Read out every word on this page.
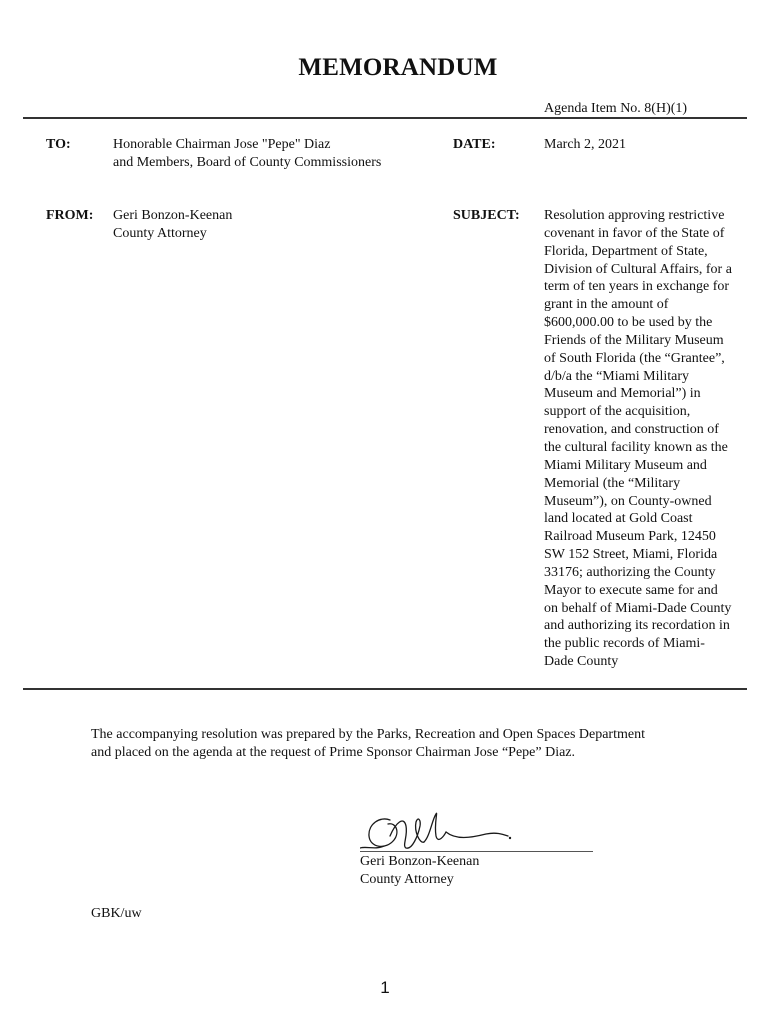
MEMORANDUM
Agenda Item No. 8(H)(1)
TO:	Honorable Chairman Jose "Pepe" Diaz
and Members, Board of County Commissioners
DATE:	March 2, 2021
FROM: Geri Bonzon-Keenan
County Attorney
SUBJECT: Resolution approving restrictive
covenant in favor of the State of
Florida, Department of State,
Division of Cultural Affairs, for a
term of ten years in exchange for
grant in the amount of
$600,000.00 to be used by the
Friends of the Military Museum
of South Florida (the “Grantee”,
d/b/a the “Miami Military
Museum and Memorial”) in
support of the acquisition,
renovation, and construction of
the cultural facility known as the
Miami Military Museum and
Memorial (the “Military
Museum”), on County-owned
land located at Gold Coast
Railroad Museum Park, 12450
SW 152 Street, Miami, Florida
33176; authorizing the County
Mayor to execute same for and
on behalf of Miami-Dade County
and authorizing its recordation in
the public records of Miami-
Dade County
The accompanying resolution was prepared by the Parks, Recreation and Open Spaces Department
and placed on the agenda at the request of Prime Sponsor Chairman Jose “Pepe” Diaz.
Geri Bonzon-Keenan
County Attorney
GBK/uw
1
